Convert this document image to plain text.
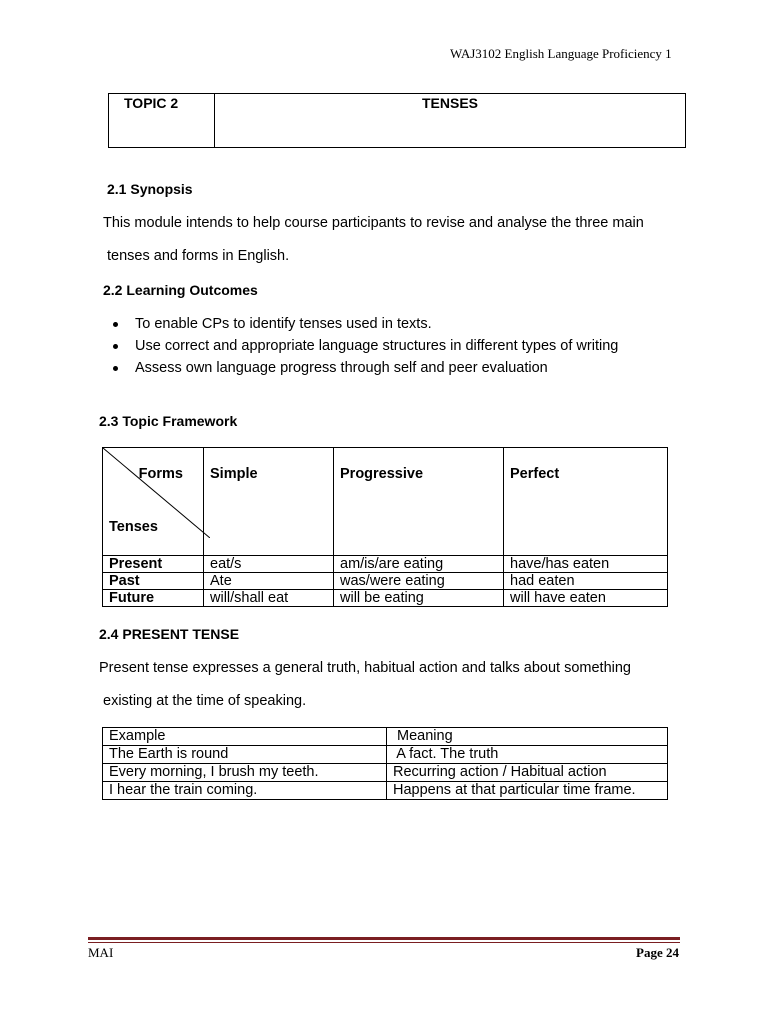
WAJ3102 English Language Proficiency 1
TOPIC 2	TENSES
2.1 Synopsis
This module intends to help course participants to revise and analyse the three main
tenses and forms in English.
2.2 Learning Outcomes
To enable CPs to identify tenses used in texts.
Use correct and appropriate language structures in different types of writing
Assess own language progress through self and peer evaluation
2.3 Topic Framework
Forms
Tenses	Simple	Progressive	Perfect
Present	eat/s	am/is/are eating	have/has eaten
Past	Ate	was/were eating	had eaten
Future	will/shall eat	will be eating	will have eaten
2.4 PRESENT TENSE
Present tense expresses a general truth, habitual action and talks about something
existing at the time of speaking.
Example	Meaning
The Earth is round	A fact. The truth
Every morning, I brush my teeth.	Recurring action / Habitual action
I hear the train coming.	Happens at that particular time frame.
MAI	Page 24
